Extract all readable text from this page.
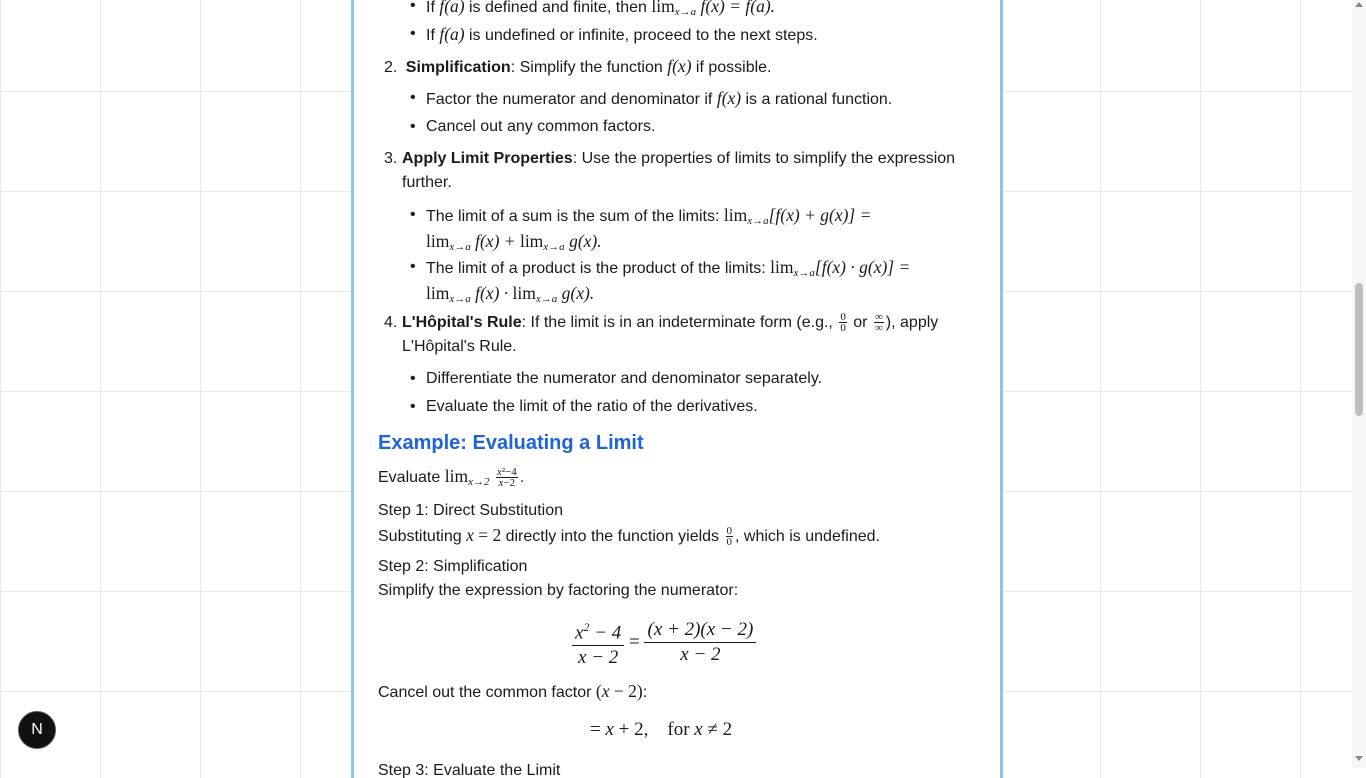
• If f(a) is defined and finite, then $\lim_{x\to a} f(x) = f(a)$.
• If f(a) is undefined or infinite, proceed to the next steps.
2. Simplification: Simplify the function f(x) if possible.
• Factor the numerator and denominator if f(x) is a rational function.
• Cancel out any common factors.
3. Apply Limit Properties: Use the properties of limits to simplify the expression further.
• The limit of a sum is the sum of the limits: $\lim_{x\to a}[f(x) + g(x)]$ =
$\lim_{x\to a} f(x) + \lim_{x\to a} g(x)$.
• The limit of a product is the product of the limits: $\lim_{x\to a}[f(x) \cdot g(x)]$ =
$\lim_{x\to a} f(x) \cdot \lim_{x\to a} g(x)$.
4. L'Hôpital's Rule: If the limit is in an indeterminate form (e.g., $\frac{0}{0}$ or $\frac{\infty}{\infty}$ ), apply L'Hôpital's Rule.
• Differentiate the numerator and denominator separately.
• Evaluate the limit of the ratio of the derivatives.
Example: Evaluating a Limit
Evaluate $\lim_{x\to 2} \frac{\text{x²−4}}{x-2}$ .
Step 1: Direct Substitution
Substituting x = 2 directly into the function yields $\frac{0}{0}$ , which is undefined.
Step 2: Simplification
Simplify the expression by factoring the numerator:
$\frac{x^2 - 4}{x - 2} = \frac{(x + 2)(x - 2)}{x - 2}$
Cancel out the common factor (x − 2):
= x + 2,    for x ≠ 2
Step 3: Evaluate the Limit
N
